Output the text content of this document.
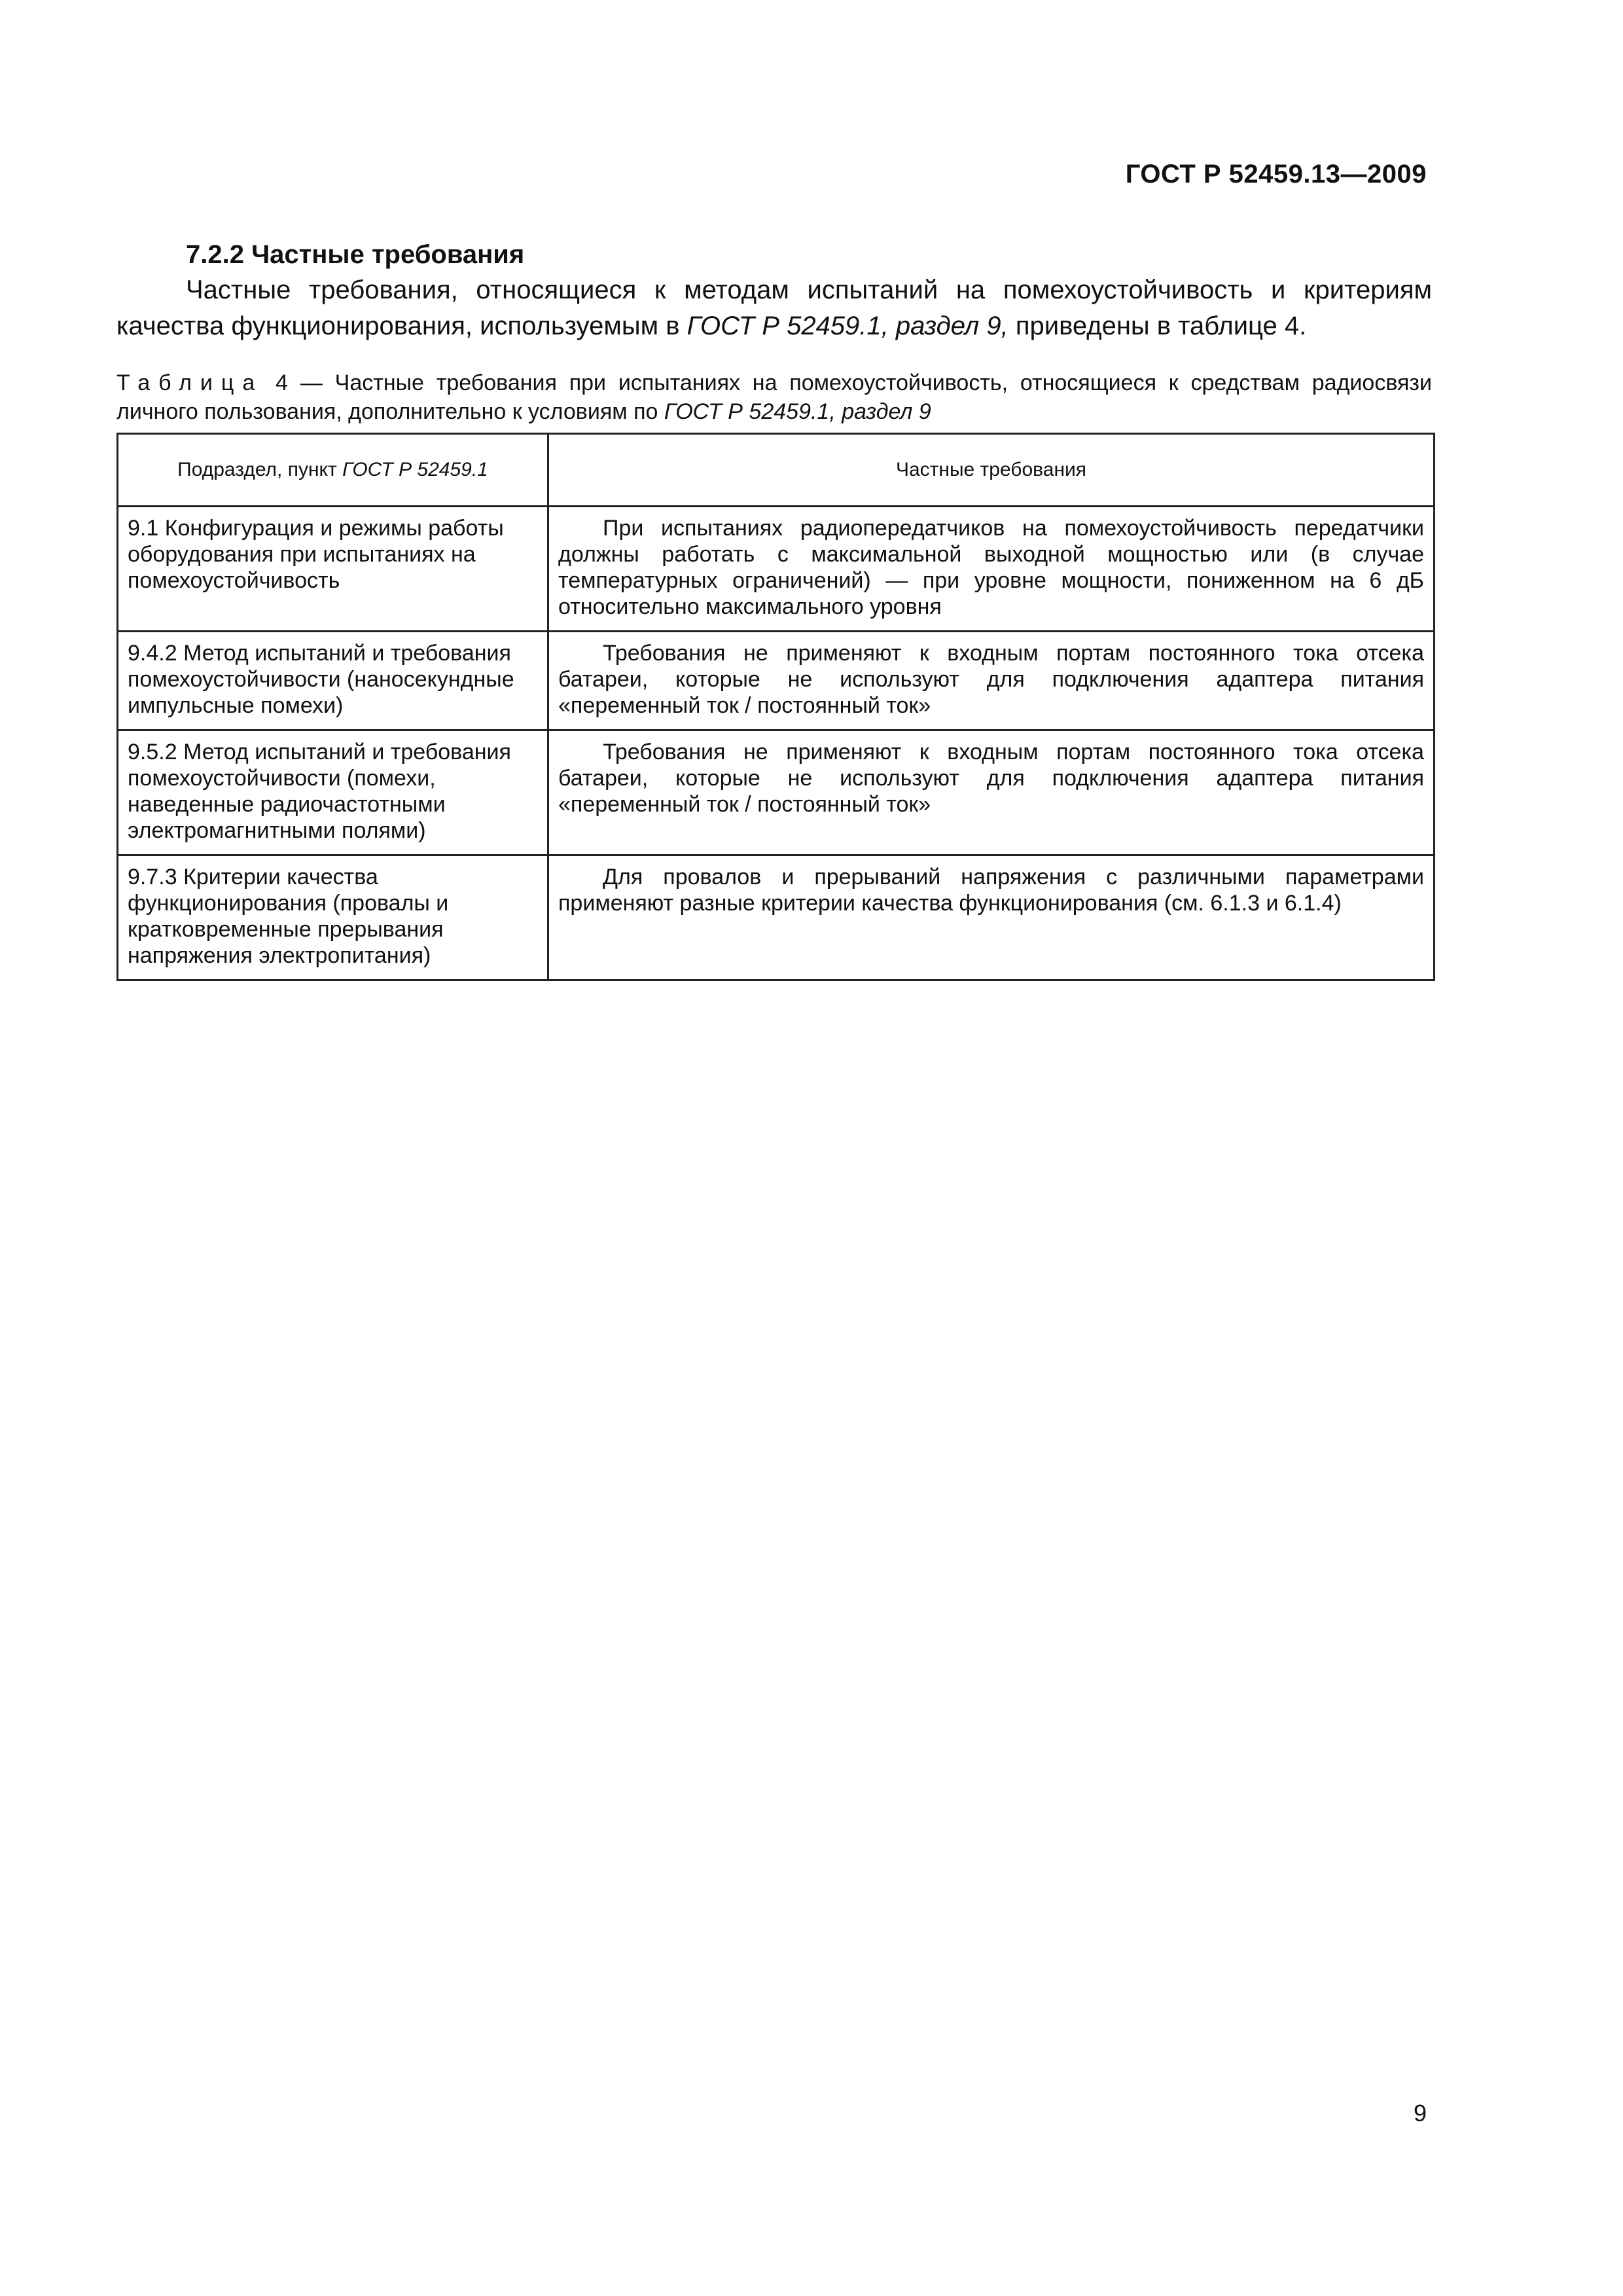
ГОСТ Р 52459.13—2009

7.2.2 Частные требования

Частные требования, относящиеся к методам испытаний на помехоустойчивость и критериям качества функционирования, используемым в ГОСТ Р 52459.1, раздел 9, приведены в таблице 4.

Таблица 4 — Частные требования при испытаниях на помехоустойчивость, относящиеся к средствам радиосвязи личного пользования, дополнительно к условиям по ГОСТ Р 52459.1, раздел 9

Подраздел, пункт ГОСТ Р 52459.1	Частные требования
9.1 Конфигурация и режимы работы оборудования при испытаниях на помехоустойчивость	При испытаниях радиопередатчиков на помехоустойчивость передатчики должны работать с максимальной выходной мощностью или (в случае температурных ограничений) — при уровне мощности, пониженном на 6 дБ относительно максимального уровня
9.4.2 Метод испытаний и требования помехоустойчивости (наносекундные импульсные помехи)	Требования не применяют к входным портам постоянного тока отсека батареи, которые не используют для подключения адаптера питания «переменный ток / постоянный ток»
9.5.2 Метод испытаний и требования помехоустойчивости (помехи, наведенные радиочастотными электромагнитными полями)	Требования не применяют к входным портам постоянного тока отсека батареи, которые не используют для подключения адаптера питания «переменный ток / постоянный ток»
9.7.3 Критерии качества функционирования (провалы и кратковременные прерывания напряжения электропитания)	Для провалов и прерываний напряжения с различными параметрами применяют разные критерии качества функционирования (см. 6.1.3 и 6.1.4)

9
